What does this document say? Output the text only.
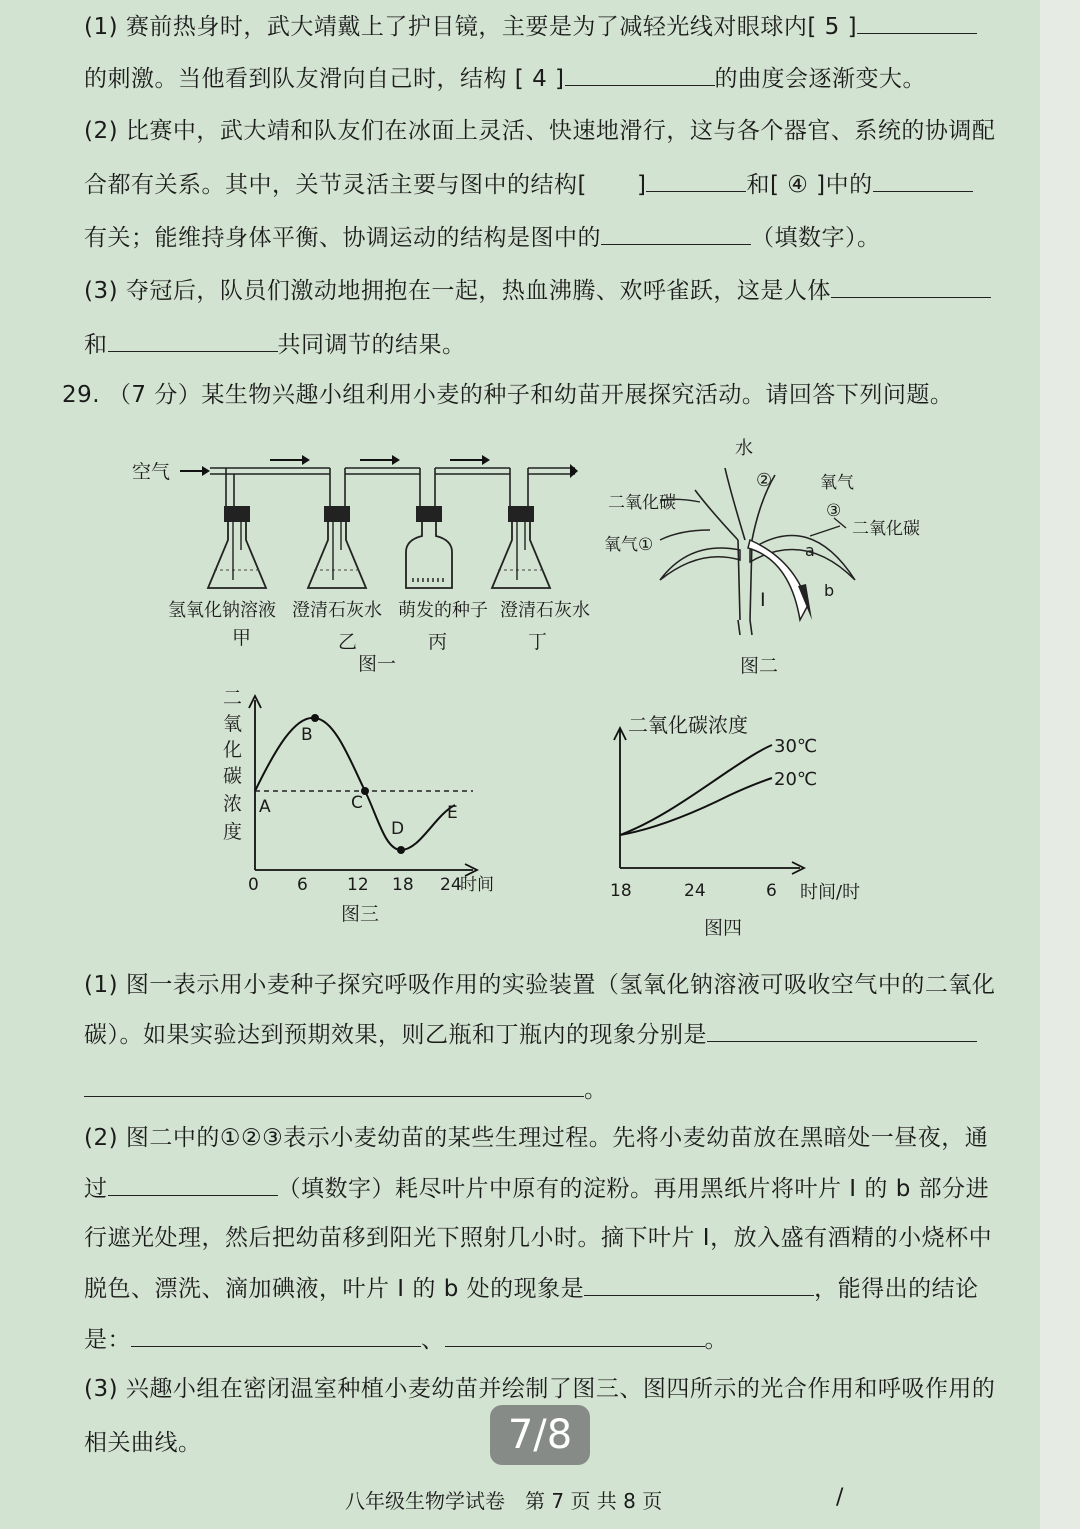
(1) 赛前热身时，武大靖戴上了护目镜，主要是为了减轻光线对眼球内[ 5 ]
的刺激。当他看到队友滑向自己时，结构 [ 4 ]	的曲度会逐渐变大。
(2) 比赛中，武大靖和队友们在冰面上灵活、快速地滑行，这与各个器官、系统的协调配
合都有关系。其中，关节灵活主要与图中的结构[ ]	和[ ④ ]中的
有关；能维持身体平衡、协调运动的结构是图中的	（填数字）。
(3) 夺冠后，队员们激动地拥抱在一起，热血沸腾、欢呼雀跃，这是人体
和	共同调节的结果。
29. （7 分）某生物兴趣小组利用小麦的种子和幼苗开展探究活动。请回答下列问题。
空气
氢氧化钠溶液 澄清石灰水 萌发的种子 澄清石灰水
甲	乙	丙	丁
图一
水
②
二氧化碳
氧气①
氧气
③
二氧化碳
a
b
I
图二
二
氧
化
碳
浓
度
A
B
C
D
E
0 6 12 18 24
时间
图三
二氧化碳浓度
30℃
20℃
18	24	6 时间/时
图四
(1) 图一表示用小麦种子探究呼吸作用的实验装置（氢氧化钠溶液可吸收空气中的二氧化
碳）。如果实验达到预期效果，则乙瓶和丁瓶内的现象分别是
。
(2) 图二中的①②③表示小麦幼苗的某些生理过程。先将小麦幼苗放在黑暗处一昼夜，通
过	（填数字）耗尽叶片中原有的淀粉。再用黑纸片将叶片 I 的 b 部分进
行遮光处理，然后把幼苗移到阳光下照射几小时。摘下叶片 I，放入盛有酒精的小烧杯中
脱色、漂洗、滴加碘液，叶片 I 的 b 处的现象是	，能得出的结论
是：	、	。
(3) 兴趣小组在密闭温室种植小麦幼苗并绘制了图三、图四所示的光合作用和呼吸作用的
相关曲线。
八年级生物学试卷　第 7 页 共 8 页	/
7/8
